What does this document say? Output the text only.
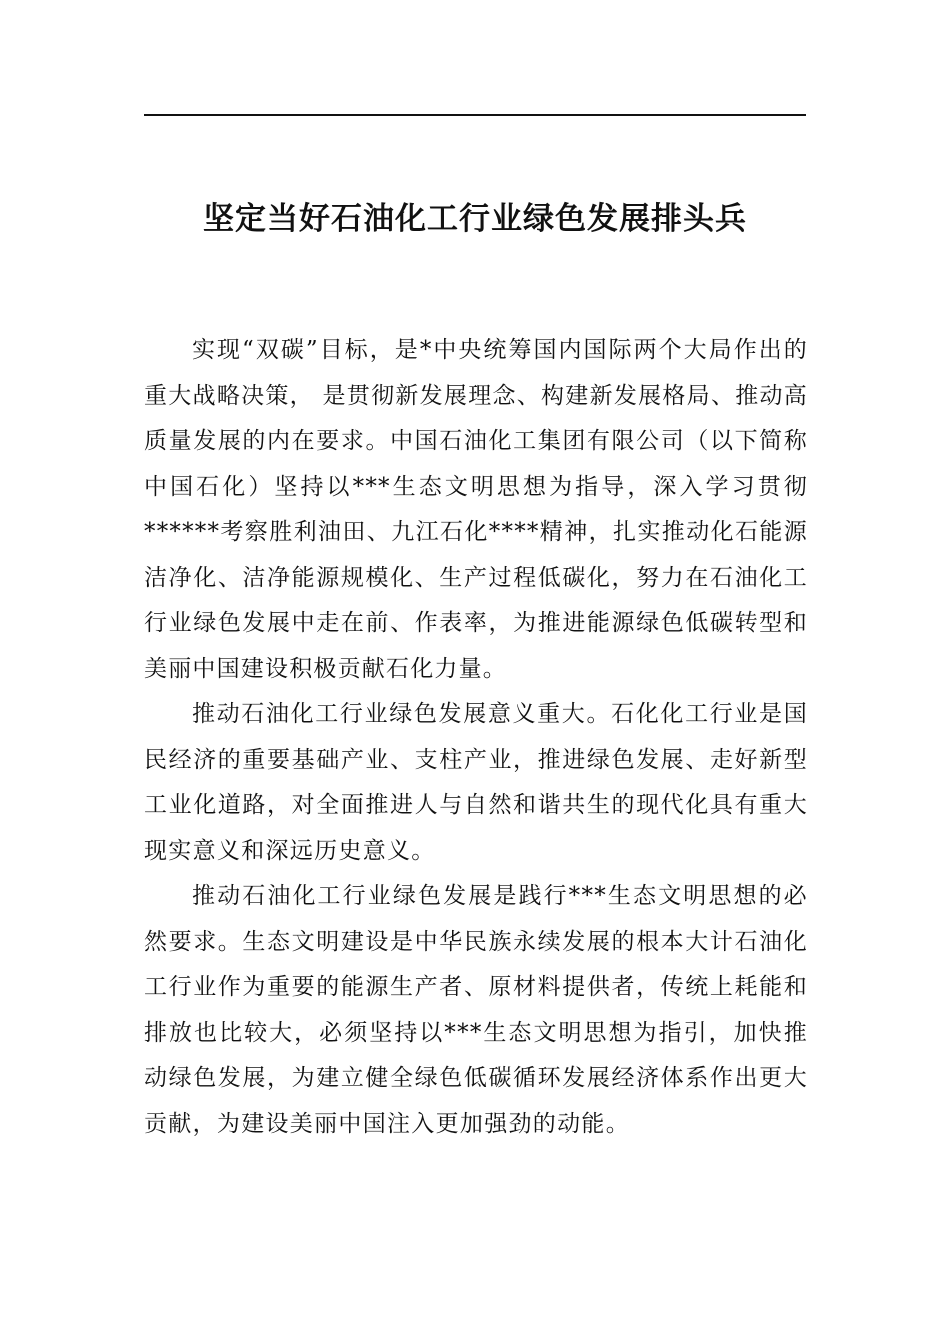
坚定当好石油化工行业绿色发展排头兵

实现“双碳”目标，是*中央统筹国内国际两个大局作出的重大战略决策， 是贯彻新发展理念、构建新发展格局、推动高质量发展的内在要求。中国石油化工集团有限公司（以下简称中国石化）坚持以***生态文明思想为指导，深入学习贯彻******考察胜利油田、九江石化****精神，扎实推动化石能源洁净化、洁净能源规模化、生产过程低碳化，努力在石油化工行业绿色发展中走在前、作表率，为推进能源绿色低碳转型和美丽中国建设积极贡献石化力量。

推动石油化工行业绿色发展意义重大。石化化工行业是国民经济的重要基础产业、支柱产业，推进绿色发展、走好新型工业化道路，对全面推进人与自然和谐共生的现代化具有重大现实意义和深远历史意义。

推动石油化工行业绿色发展是践行***生态文明思想的必然要求。生态文明建设是中华民族永续发展的根本大计石油化工行业作为重要的能源生产者、原材料提供者，传统上耗能和排放也比较大，必须坚持以***生态文明思想为指引，加快推动绿色发展，为建立健全绿色低碳循环发展经济体系作出更大贡献，为建设美丽中国注入更加强劲的动能。
